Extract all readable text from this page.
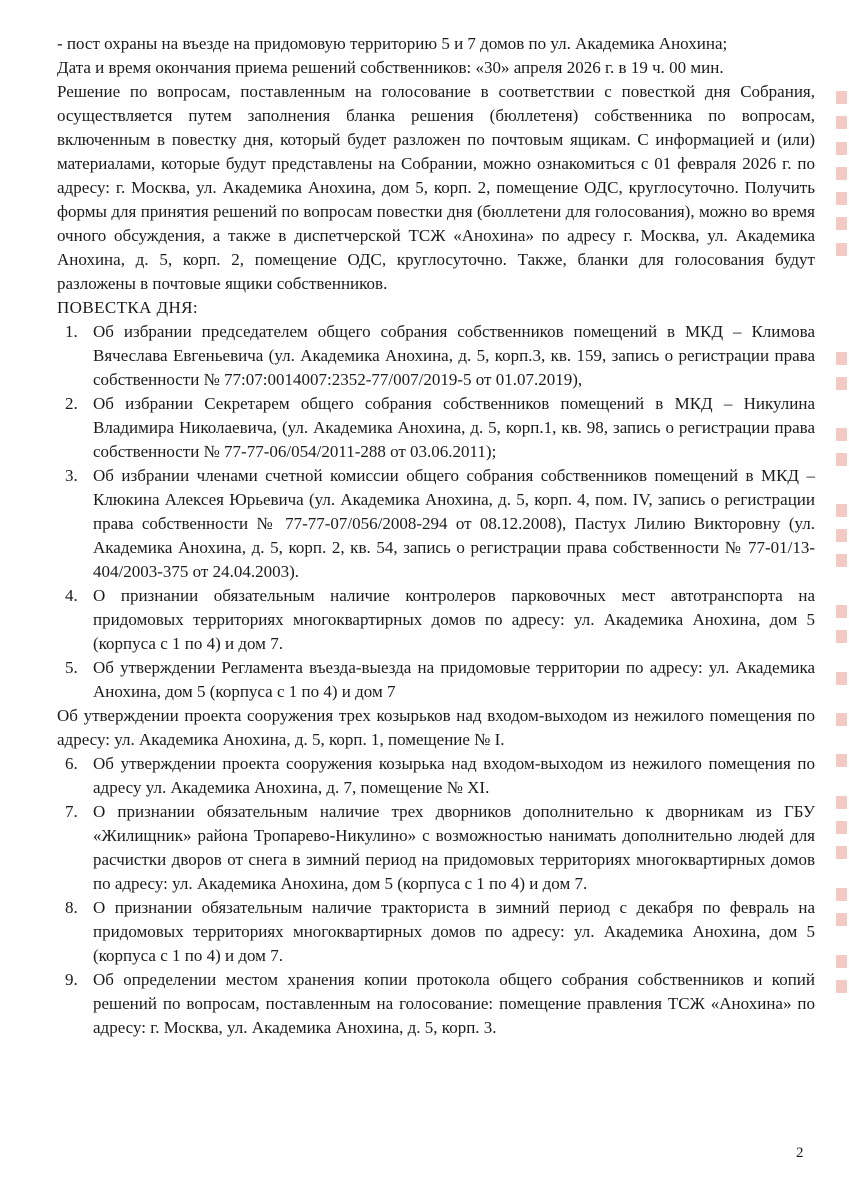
- пост охраны на въезде на придомовую территорию 5 и 7 домов по ул. Академика Анохина;

Дата и время окончания приема решений собственников: «30» апреля 2026 г. в 19 ч. 00 мин.

Решение по вопросам, поставленным на голосование в соответствии с повесткой дня Собрания, осуществляется путем заполнения бланка решения (бюллетеня) собственника по вопросам, включенным в повестку дня, который будет разложен по почтовым ящикам. С информацией и (или) материалами, которые будут представлены на Собрании, можно ознакомиться с 01 февраля 2026 г. по адресу: г. Москва, ул. Академика Анохина, дом 5, корп. 2, помещение ОДС, круглосуточно. Получить формы для принятия решений по вопросам повестки дня (бюллетени для голосования), можно во время очного обсуждения, а также в диспетчерской ТСЖ «Анохина» по адресу г. Москва, ул. Академика Анохина, д. 5, корп. 2, помещение ОДС, круглосуточно. Также, бланки для голосования будут разложены в почтовые ящики собственников.

ПОВЕСТКА ДНЯ:

1. Об избрании председателем общего собрания собственников помещений в МКД – Климова Вячеслава Евгеньевича (ул. Академика Анохина, д. 5, корп.3, кв. 159, запись о регистрации права собственности № 77:07:0014007:2352-77/007/2019-5 от 01.07.2019),
2. Об избрании Секретарем общего собрания собственников помещений в МКД – Никулина Владимира Николаевича, (ул. Академика Анохина, д. 5, корп.1, кв. 98, запись о регистрации права собственности № 77-77-06/054/2011-288 от 03.06.2011);
3. Об избрании членами счетной комиссии общего собрания собственников помещений в МКД – Клюкина Алексея Юрьевича (ул. Академика Анохина, д. 5, корп. 4, пом. IV, запись о регистрации права собственности № 77-77-07/056/2008-294 от 08.12.2008), Пастух Лилию Викторовну (ул. Академика Анохина, д. 5, корп. 2, кв. 54, запись о регистрации права собственности № 77-01/13-404/2003-375 от 24.04.2003).
4. О признании обязательным наличие контролеров парковочных мест автотранспорта на придомовых территориях многоквартирных домов по адресу: ул. Академика Анохина, дом 5 (корпуса с 1 по 4) и дом 7.
5. Об утверждении Регламента въезда-выезда на придомовые территории по адресу: ул. Академика Анохина, дом 5 (корпуса с 1 по 4) и дом 7
Об утверждении проекта сооружения трех козырьков над входом-выходом из нежилого помещения по адресу: ул. Академика Анохина, д. 5, корп. 1, помещение № I.
6. Об утверждении проекта сооружения козырька над входом-выходом из нежилого помещения по адресу ул. Академика Анохина, д. 7, помещение № XI.
7. О признании обязательным наличие трех дворников дополнительно к дворникам из ГБУ «Жилищник» района Тропарево-Никулино» с возможностью нанимать дополнительно людей для расчистки дворов от снега в зимний период на придомовых территориях многоквартирных домов по адресу: ул. Академика Анохина, дом 5 (корпуса с 1 по 4) и дом 7.
8. О признании обязательным наличие тракториста в зимний период с декабря по февраль на придомовых территориях многоквартирных домов по адресу: ул. Академика Анохина, дом 5 (корпуса с 1 по 4) и дом 7.
9. Об определении местом хранения копии протокола общего собрания собственников и копий решений по вопросам, поставленным на голосование: помещение правления ТСЖ «Анохина» по адресу: г. Москва, ул. Академика Анохина, д. 5, корп. 3.
2
